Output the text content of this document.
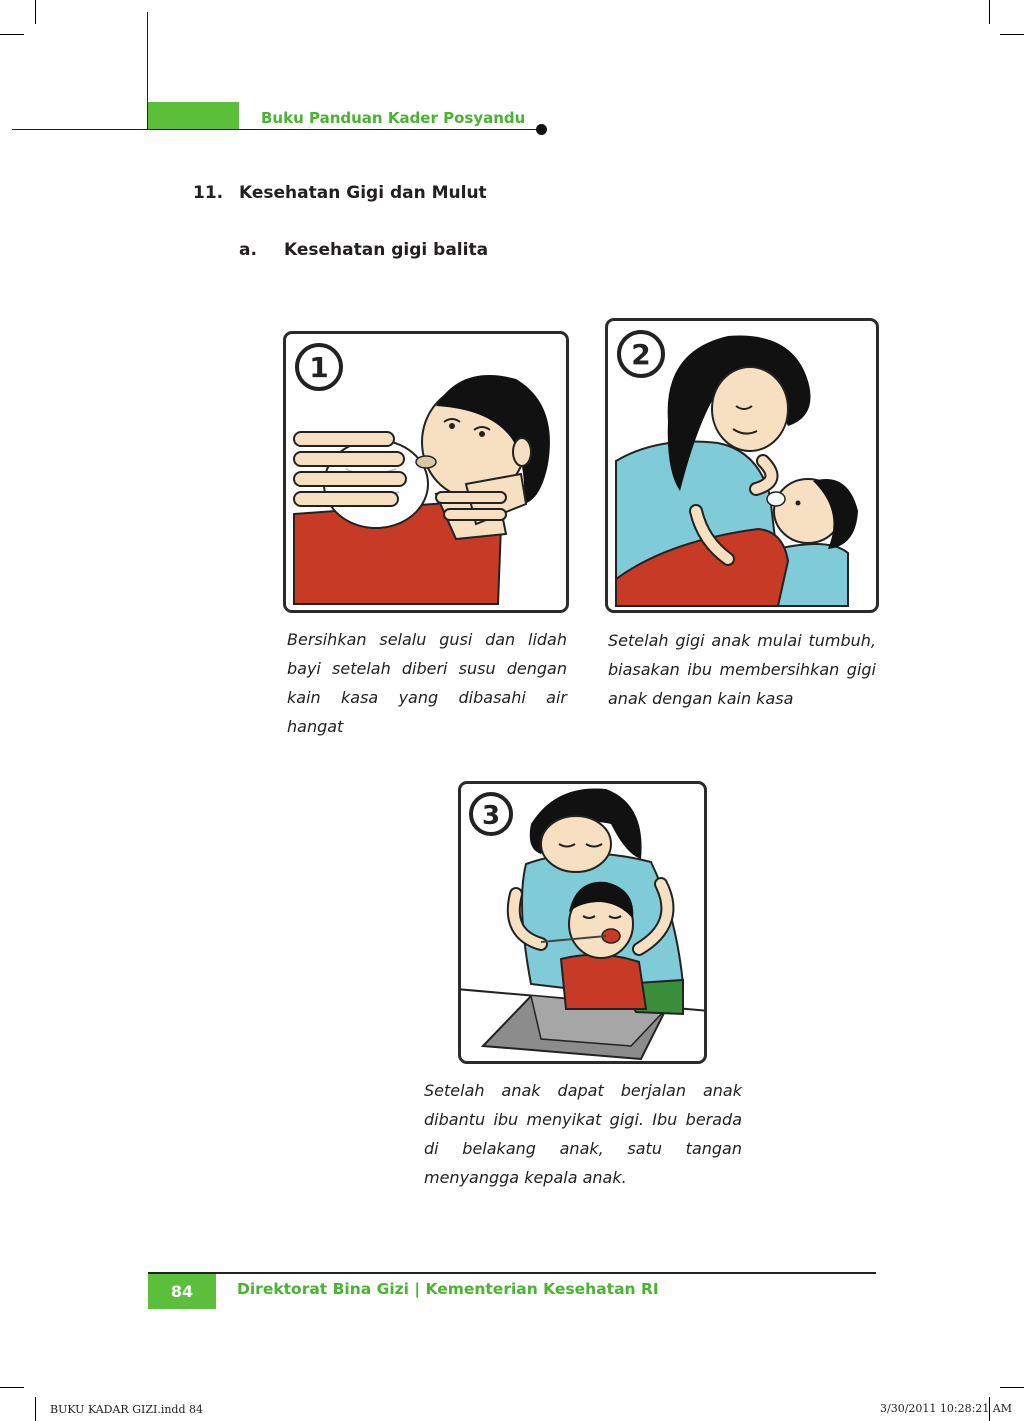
Buku Panduan Kader Posyandu
11. Kesehatan Gigi dan Mulut
a. Kesehatan gigi balita
1	2
3
Bersihkan selalu gusi dan lidah bayi setelah diberi susu dengan kain kasa yang dibasahi air hangat
Setelah gigi anak mulai tumbuh, biasakan ibu membersihkan gigi anak dengan kain kasa
Setelah anak dapat berjalan anak dibantu ibu menyikat gigi. Ibu berada di belakang anak, satu tangan menyangga kepala anak.
84	Direktorat Bina Gizi | Kementerian Kesehatan RI
BUKU KADAR GIZI.indd 84	3/30/2011 10:28:21 AM
